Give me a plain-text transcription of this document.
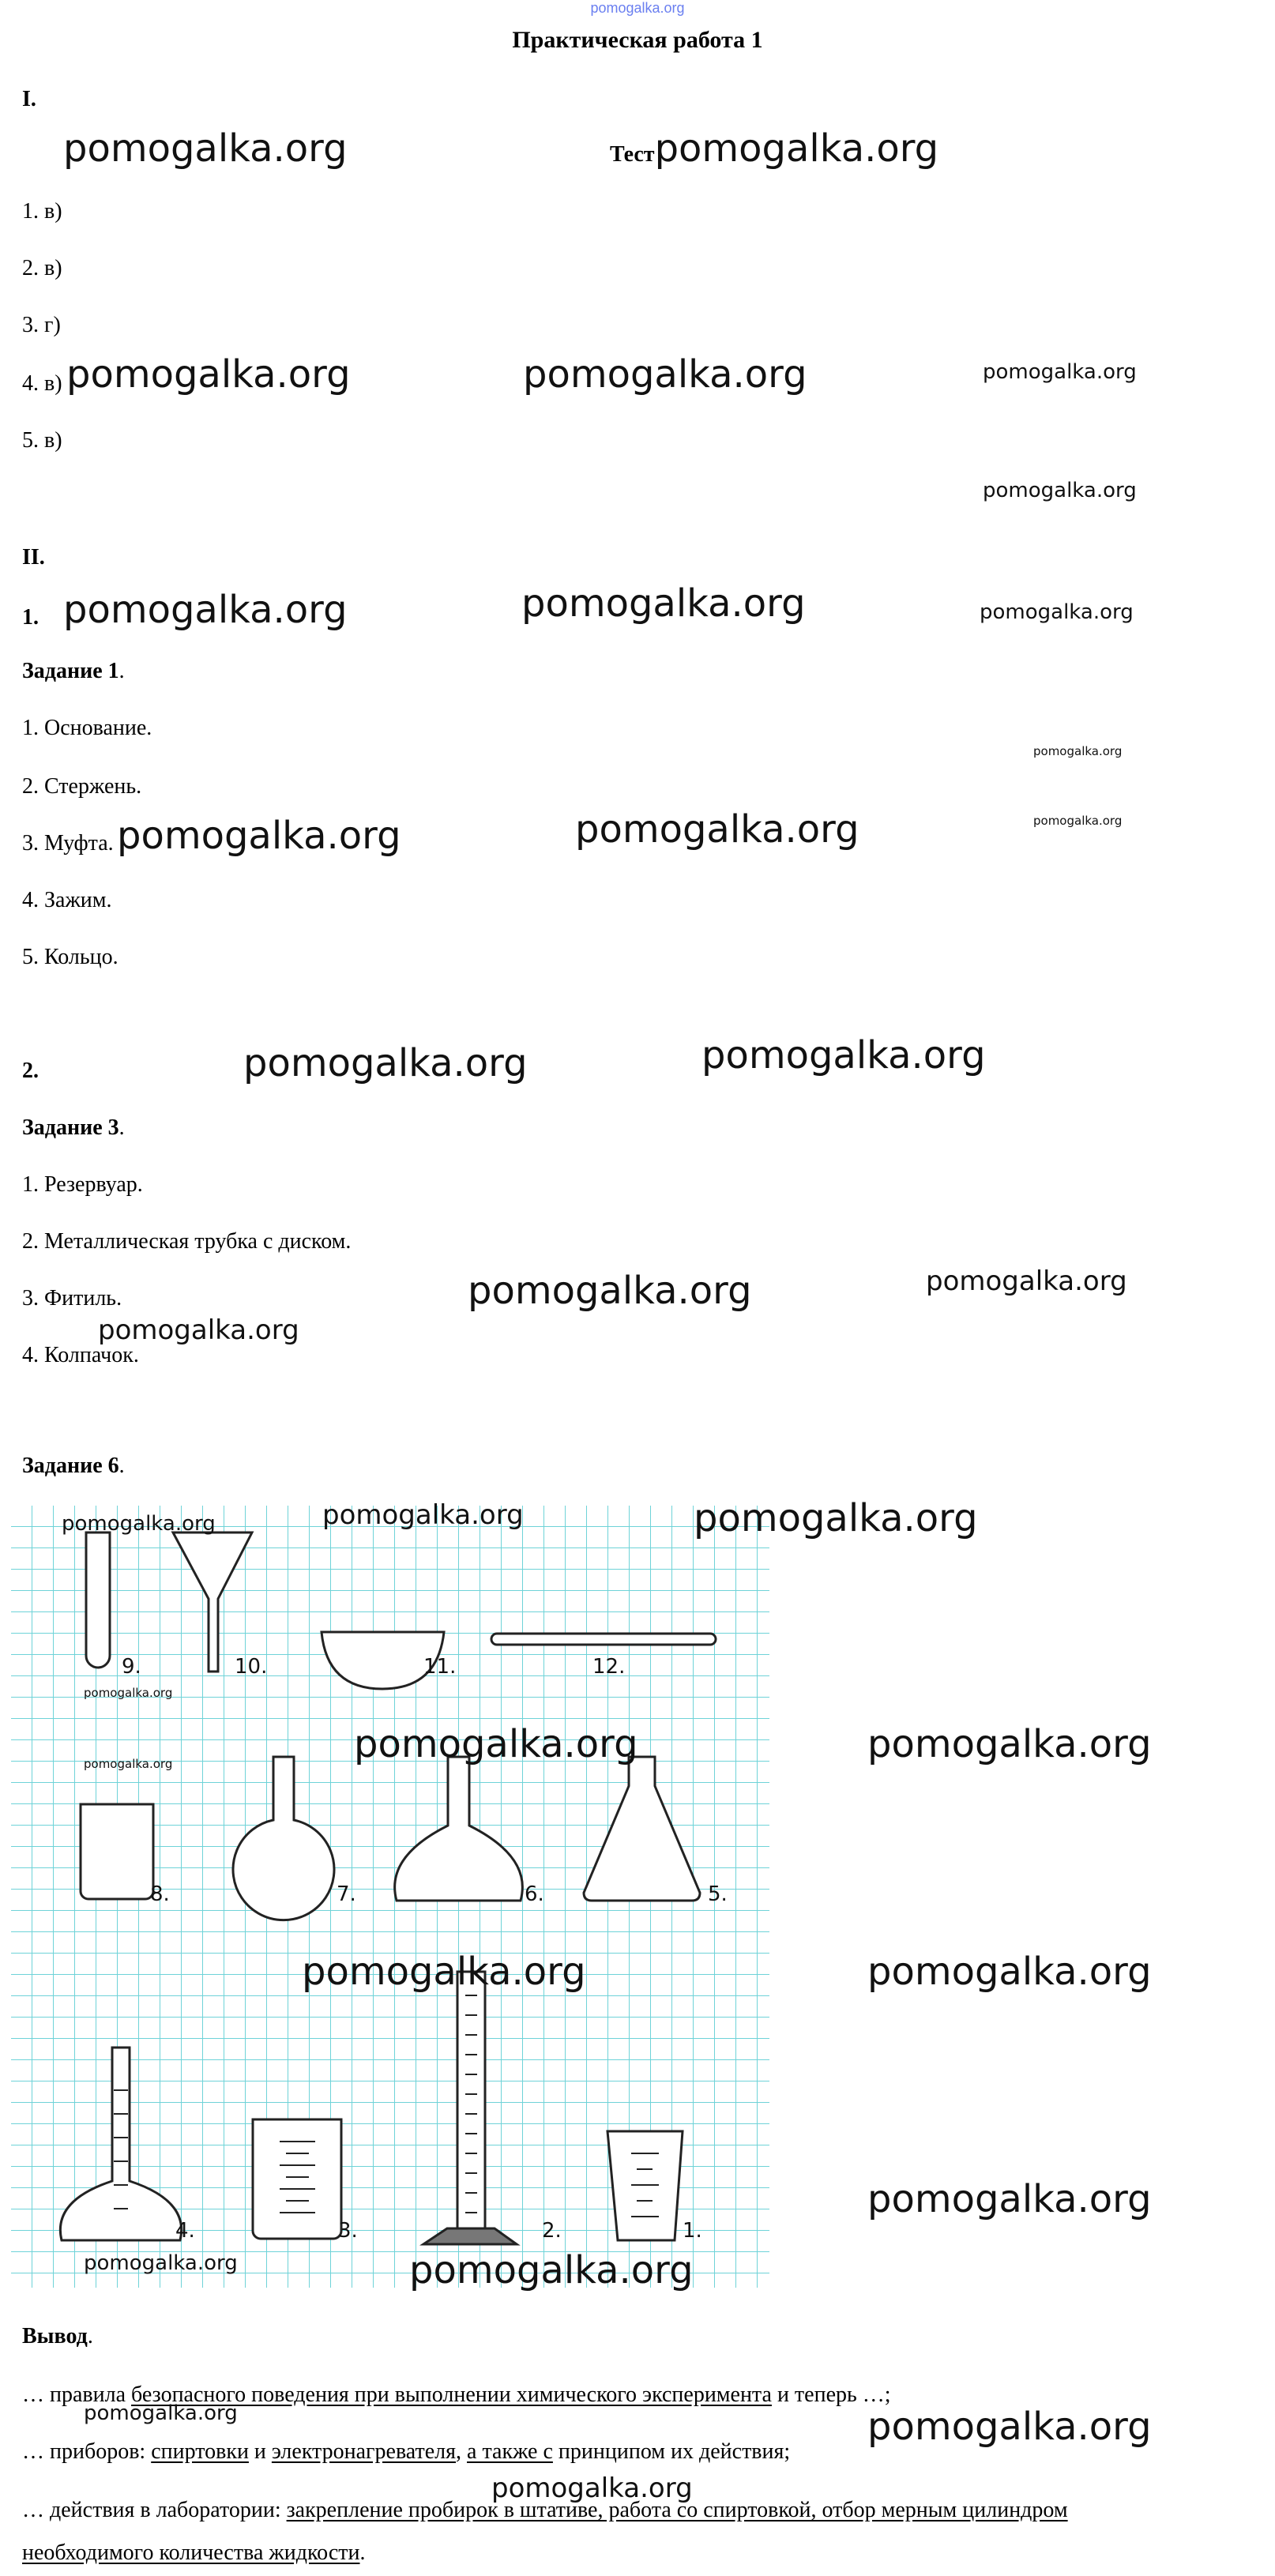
pomogalka.org
Практическая работа 1
I.
pomogalka.org	Тестpomogalka.org
1. в)
2. в)
3. г)
4. в) pomogalka.org	pomogalka.org	pomogalka.org
5. в)
pomogalka.org
II.
1. pomogalka.org	pomogalka.org	pomogalka.org
Задание 1.
1. Основание.
pomogalka.org
2. Стержень.
pomogalka.org
3. Муфта. pomogalka.org	pomogalka.org
4. Зажим.
5. Кольцо.
2.	pomogalka.org	pomogalka.org
Задание 3.
1. Резервуар.
2. Металлическая трубка с диском.
3. Фитиль.	pomogalka.org	pomogalka.org
pomogalka.org
4. Колпачок.
Задание 6.
9.	10.	11.	12.
8.	7.	6.	5.
4.	3.	2.	1.
pomogalka.org	pomogalka.org	pomogalka.org
pomogalka.org
pomogalka.org	pomogalka.org	pomogalka.org
pomogalka.org	pomogalka.org
pomogalka.org
pomogalka.org	pomogalka.org
Вывод.
… правила безопасного поведения при выполнении химического эксперимента и теперь …;
pomogalka.org	pomogalka.org
… приборов: спиртовки и электронагревателя, а также с принципом их действия;
… действия в лаборатории: закрепление пробирок в штативе, работа со спиртовкой, отбор мерным цилиндром
pomogalka.org
необходимого количества жидкости.
